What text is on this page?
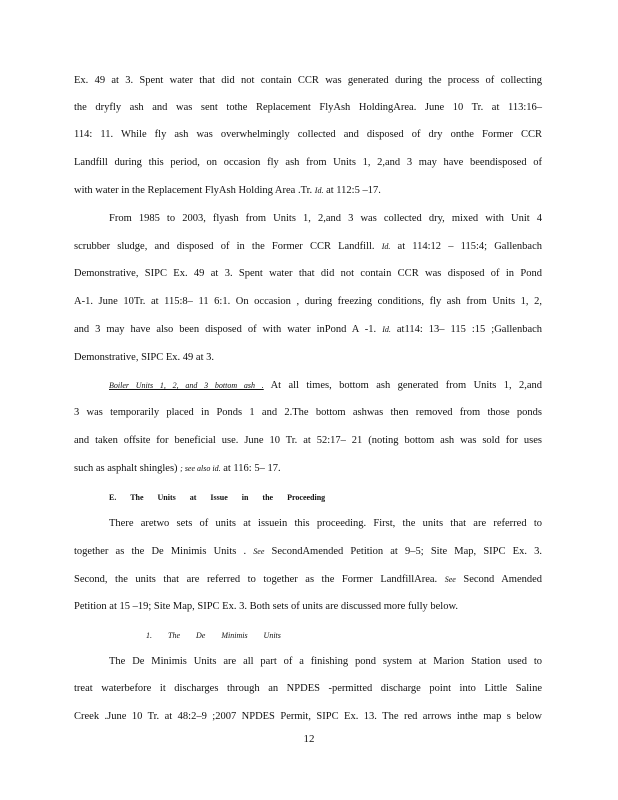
Ex. 49 at 3. Spent water that did not contain CCR was generated during the process of collecting
the dryfly ash and was sent tothe Replacement FlyAsh HoldingArea. June 10 Tr. at 113:16–
114: 11. While fly ash was overwhelmingly collected and disposed of dry onthe Former CCR
Landfill during this period, on occasion fly ash from Units 1, 2,and 3 may have beendisposed of
with water in the Replacement FlyAsh Holding Area .Tr. Id. at 112:5 –17.
From 1985 to 2003, flyash from Units 1, 2,and 3 was collected dry, mixed with Unit 4
scrubber sludge, and disposed of in the Former CCR Landfill. Id. at 114:12 – 115:4; Gallenbach
Demonstrative, SIPC Ex. 49 at 3. Spent water that did not contain CCR was disposed of in Pond
A-1. June 10Tr. at 115:8– 11 6:1. On occasion , during freezing conditions, fly ash from Units 1, 2,
and 3 may have also been disposed of with water inPond A -1. Id. at114: 13– 115 :15 ;Gallenbach
Demonstrative, SIPC Ex. 49 at 3.
Boiler Units 1, 2, and 3 bottom ash . At all times, bottom ash generated from Units 1, 2,and
3 was temporarily placed in Ponds 1 and 2.The bottom ashwas then removed from those ponds
and taken offsite for beneficial use. June 10 Tr. at 52:17– 21 (noting bottom ash was sold for uses
such as asphalt shingles) ; see also id. at 116: 5– 17.
E. The Units at Issue in the Proceeding
There aretwo sets of units at issuein this proceeding. First, the units that are referred to
together as the De Minimis Units . See SecondAmended Petition at 9–5; Site Map, SIPC Ex. 3.
Second, the units that are referred to together as the Former LandfillArea. See Second Amended
Petition at 15 –19; Site Map, SIPC Ex. 3. Both sets of units are discussed more fully below.
1. The De Minimis Units
The De Minimis Units are all part of a finishing pond system at Marion Station used to
treat waterbefore it discharges through an NPDES -permitted discharge point into Little Saline
Creek .June 10 Tr. at 48:2–9 ;2007 NPDES Permit, SIPC Ex. 13. The red arrows inthe map s below
12
